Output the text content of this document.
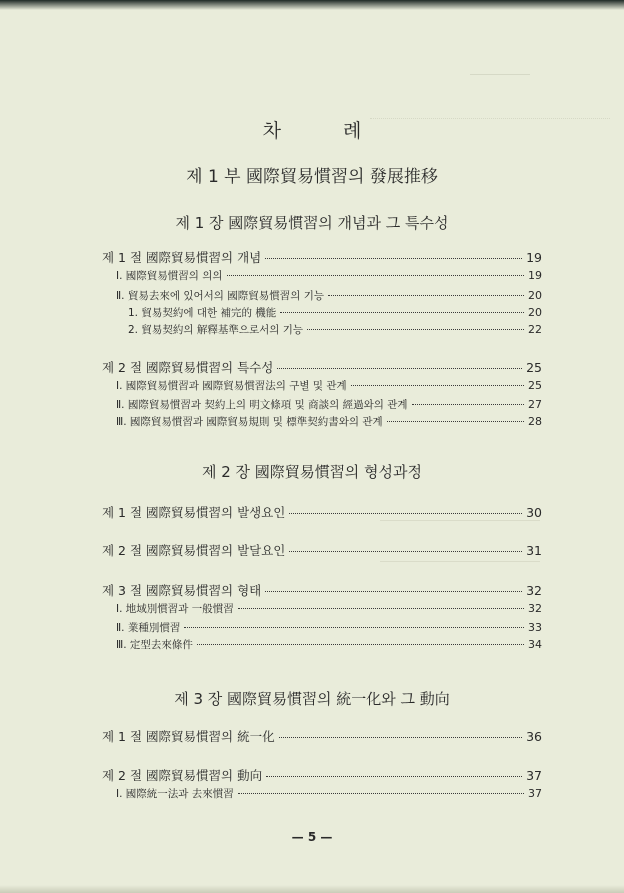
차 례
제 1 부 國際貿易慣習의 發展推移
제 1 장 國際貿易慣習의 개념과 그 특수성
제 1 절 國際貿易慣習의 개념	19
Ⅰ. 國際貿易慣習의 의의	19
Ⅱ. 貿易去來에 있어서의 國際貿易慣習의 기능	20
1. 貿易契約에 대한 補完的 機能	20
2. 貿易契約의 解釋基準으로서의 기능	22
제 2 절 國際貿易慣習의 특수성	25
Ⅰ. 國際貿易慣習과 國際貿易慣習法의 구별 및 관계	25
Ⅱ. 國際貿易慣習과 契約上의 明文條項 및 商談의 經過와의 관계	27
Ⅲ. 國際貿易慣習과 國際貿易規則 및 標準契約書와의 관계	28
제 2 장 國際貿易慣習의 형성과정
제 1 절 國際貿易慣習의 발생요인	30
제 2 절 國際貿易慣習의 발달요인	31
제 3 절 國際貿易慣習의 형태	32
Ⅰ. 地域別慣習과 一般慣習	32
Ⅱ. 業種別慣習	33
Ⅲ. 定型去來條件	34
제 3 장 國際貿易慣習의 統一化와 그 動向
제 1 절 國際貿易慣習의 統一化	36
제 2 절 國際貿易慣習의 動向	37
Ⅰ. 國際統一法과 去來慣習	37
— 5 —
